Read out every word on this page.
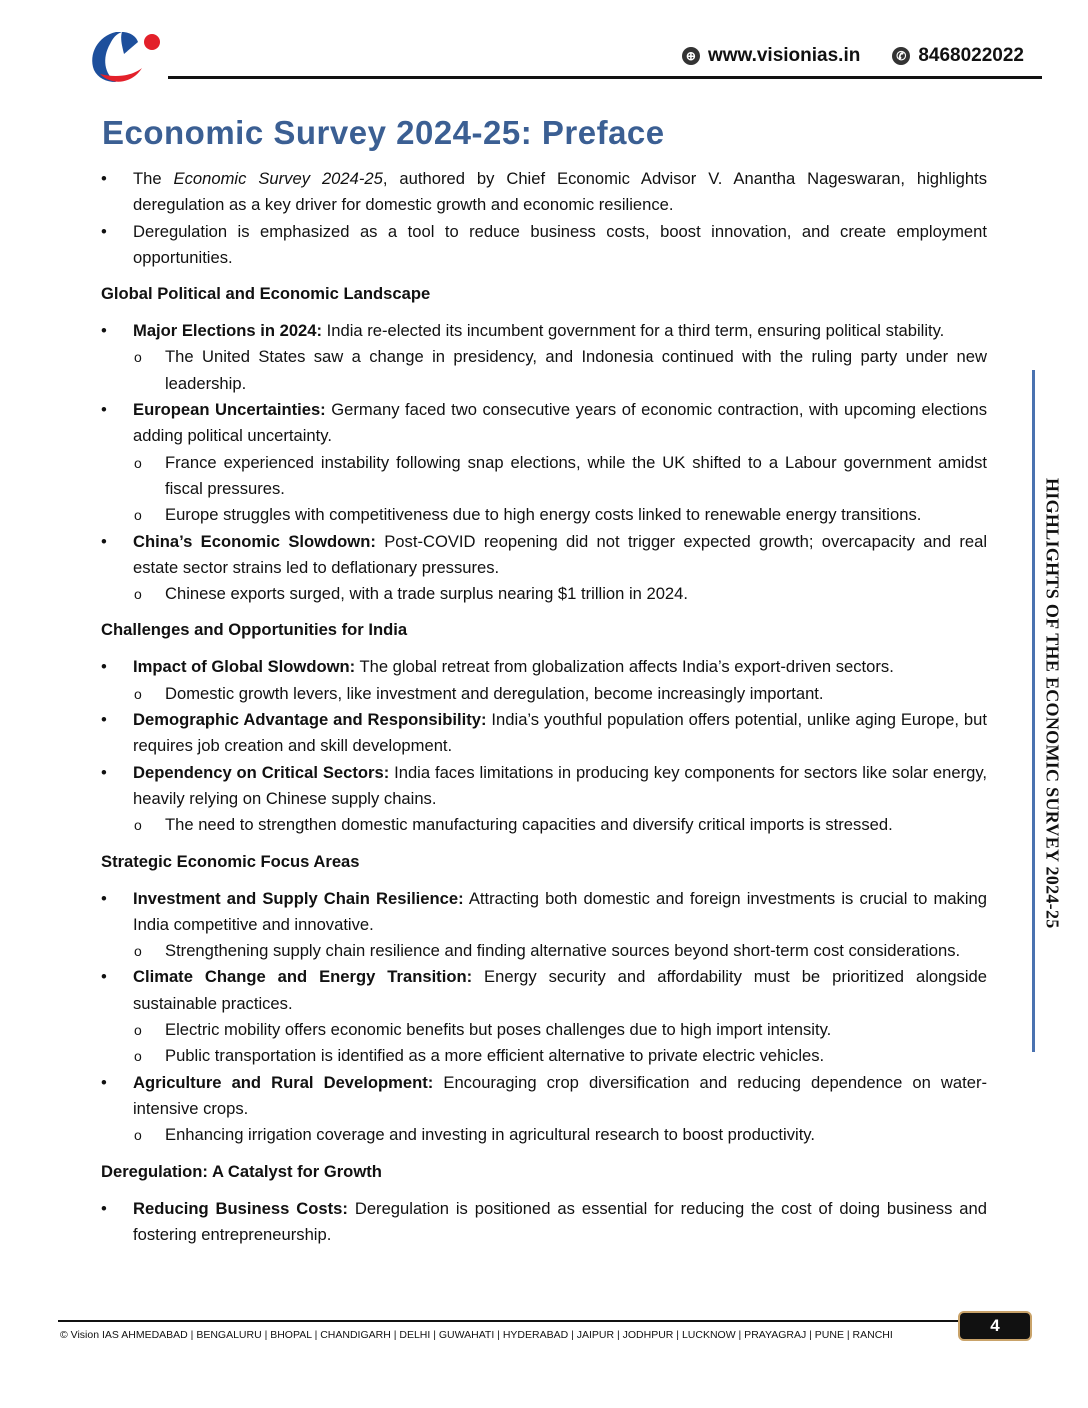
⊕ www.visionias.in	✆ 8468022022
Economic Survey 2024-25: Preface
• The Economic Survey 2024-25, authored by Chief Economic Advisor V. Anantha Nageswaran, highlights deregulation as a key driver for domestic growth and economic resilience.
• Deregulation is emphasized as a tool to reduce business costs, boost innovation, and create employment opportunities.
Global Political and Economic Landscape
• Major Elections in 2024: India re-elected its incumbent government for a third term, ensuring political stability.
o The United States saw a change in presidency, and Indonesia continued with the ruling party under new leadership.
• European Uncertainties: Germany faced two consecutive years of economic contraction, with upcoming elections adding political uncertainty.
o France experienced instability following snap elections, while the UK shifted to a Labour government amidst fiscal pressures.
o Europe struggles with competitiveness due to high energy costs linked to renewable energy transitions.
• China’s Economic Slowdown: Post-COVID reopening did not trigger expected growth; overcapacity and real estate sector strains led to deflationary pressures.
o Chinese exports surged, with a trade surplus nearing $1 trillion in 2024.
Challenges and Opportunities for India
• Impact of Global Slowdown: The global retreat from globalization affects India’s export-driven sectors.
o Domestic growth levers, like investment and deregulation, become increasingly important.
• Demographic Advantage and Responsibility: India’s youthful population offers potential, unlike aging Europe, but requires job creation and skill development.
• Dependency on Critical Sectors: India faces limitations in producing key components for sectors like solar energy, heavily relying on Chinese supply chains.
o The need to strengthen domestic manufacturing capacities and diversify critical imports is stressed.
Strategic Economic Focus Areas
• Investment and Supply Chain Resilience: Attracting both domestic and foreign investments is crucial to making India competitive and innovative.
o Strengthening supply chain resilience and finding alternative sources beyond short-term cost considerations.
• Climate Change and Energy Transition: Energy security and affordability must be prioritized alongside sustainable practices.
o Electric mobility offers economic benefits but poses challenges due to high import intensity.
o Public transportation is identified as a more efficient alternative to private electric vehicles.
• Agriculture and Rural Development: Encouraging crop diversification and reducing dependence on water-intensive crops.
o Enhancing irrigation coverage and investing in agricultural research to boost productivity.
Deregulation: A Catalyst for Growth
• Reducing Business Costs: Deregulation is positioned as essential for reducing the cost of doing business and fostering entrepreneurship.
HIGHLIGHTS OF THE ECONOMIC SURVEY 2024-25
© Vision IAS AHMEDABAD | BENGALURU | BHOPAL | CHANDIGARH | DELHI | GUWAHATI | HYDERABAD | JAIPUR | JODHPUR | LUCKNOW | PRAYAGRAJ | PUNE | RANCHI	4
